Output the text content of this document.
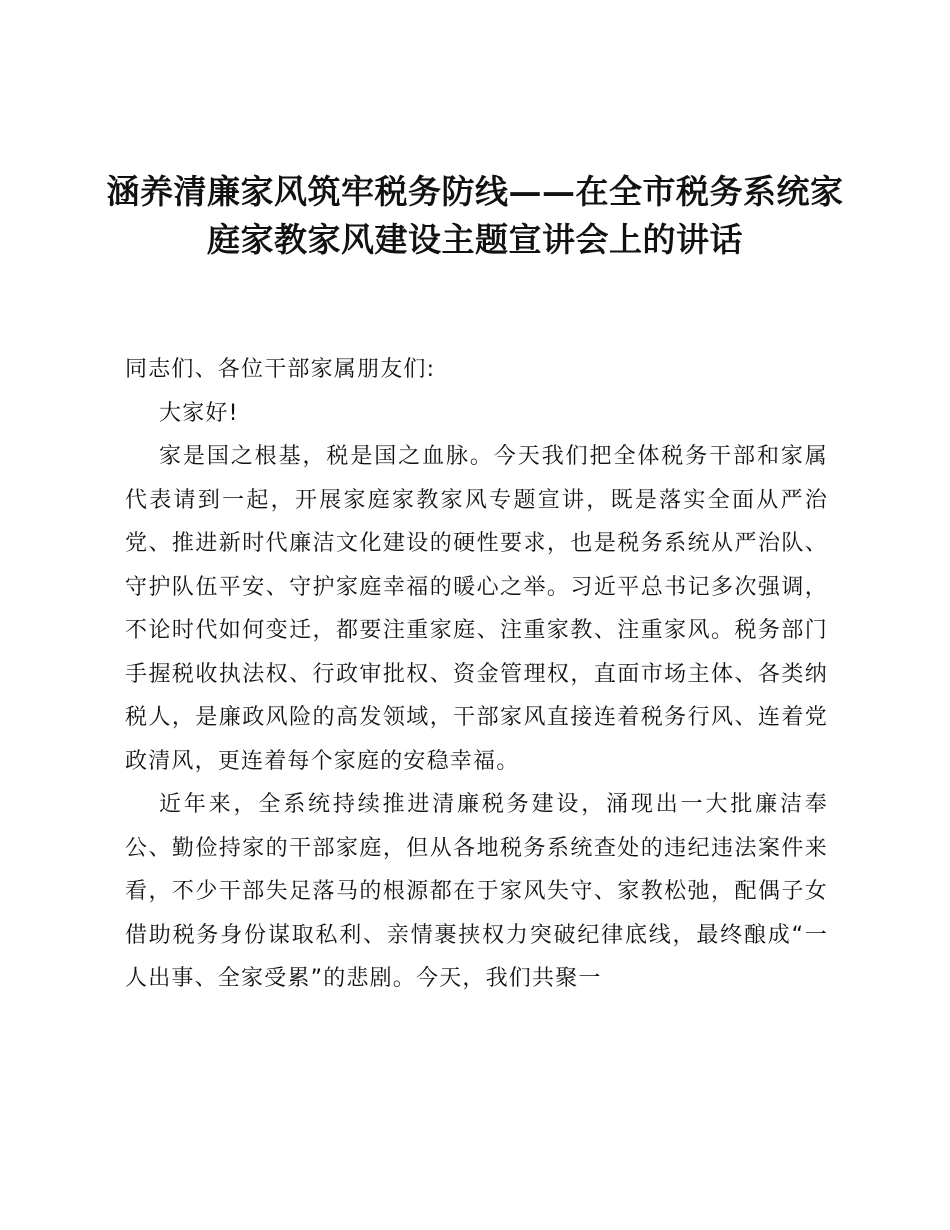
涵养清廉家风筑牢税务防线——在全市税务系统家庭家教家风建设主题宣讲会上的讲话

同志们、各位干部家属朋友们:

大家好!

家是国之根基，税是国之血脉。今天我们把全体税务干部和家属代表请到一起，开展家庭家教家风专题宣讲，既是落实全面从严治党、推进新时代廉洁文化建设的硬性要求，也是税务系统从严治队、守护队伍平安、守护家庭幸福的暖心之举。习近平总书记多次强调，不论时代如何变迁，都要注重家庭、注重家教、注重家风。税务部门手握税收执法权、行政审批权、资金管理权，直面市场主体、各类纳税人，是廉政风险的高发领域，干部家风直接连着税务行风、连着党政清风，更连着每个家庭的安稳幸福。

近年来，全系统持续推进清廉税务建设，涌现出一大批廉洁奉公、勤俭持家的干部家庭，但从各地税务系统查处的违纪违法案件来看，不少干部失足落马的根源都在于家风失守、家教松弛，配偶子女借助税务身份谋取私利、亲情裹挟权力突破纪律底线，最终酿成“一人出事、全家受累”的悲剧。今天，我们共聚一
